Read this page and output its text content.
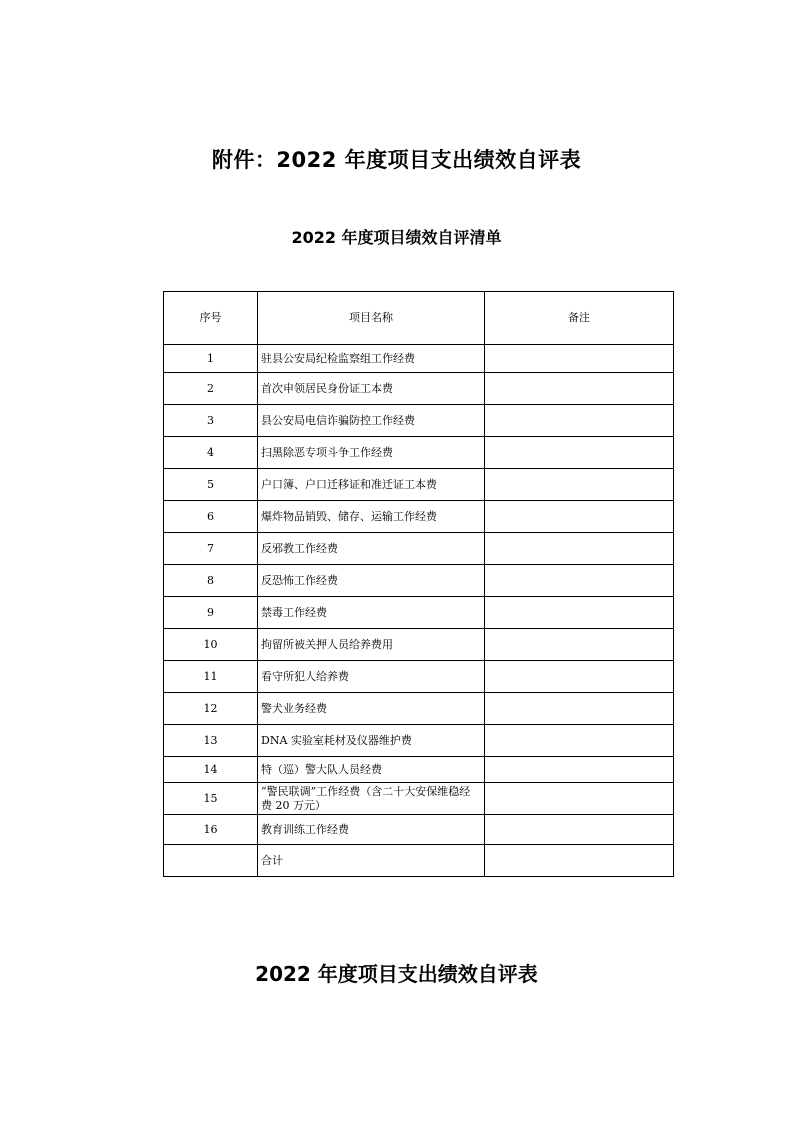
附件：2022 年度项目支出绩效自评表
2022 年度项目绩效自评清单
序号	项目名称	备注
1	驻县公安局纪检监察组工作经费	
2	首次申领居民身份证工本费	
3	县公安局电信诈骗防控工作经费	
4	扫黑除恶专项斗争工作经费	
5	户口簿、户口迁移证和准迁证工本费	
6	爆炸物品销毁、储存、运输工作经费	
7	反邪教工作经费	
8	反恐怖工作经费	
9	禁毒工作经费	
10	拘留所被关押人员给养费用	
11	看守所犯人给养费	
12	警犬业务经费	
13	DNA 实验室耗材及仪器维护费	
14	特（巡）警大队人员经费	
15	“警民联调”工作经费（含二十大安保维稳经费 20 万元）	
16	教育训练工作经费	
	合计	
2022 年度项目支出绩效自评表
